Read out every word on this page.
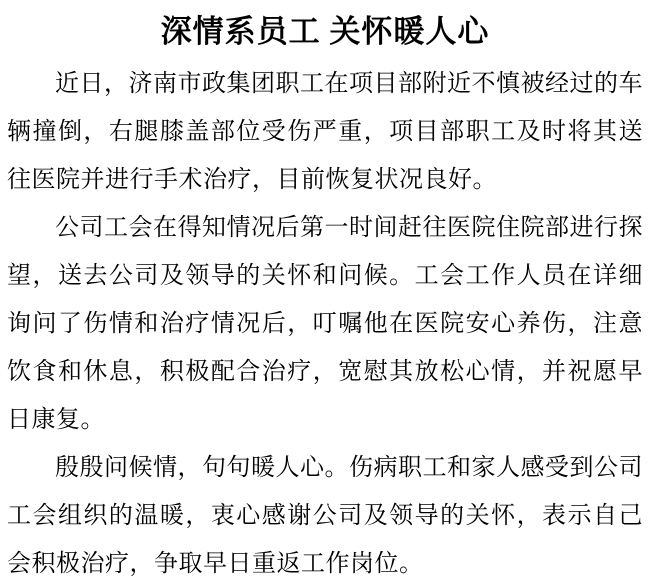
深情系员工 关怀暖人心

近日，济南市政集团职工在项目部附近不慎被经过的车辆撞倒，右腿膝盖部位受伤严重，项目部职工及时将其送往医院并进行手术治疗，目前恢复状况良好。

公司工会在得知情况后第一时间赶往医院住院部进行探望，送去公司及领导的关怀和问候。工会工作人员在详细询问了伤情和治疗情况后，叮嘱他在医院安心养伤，注意饮食和休息，积极配合治疗，宽慰其放松心情，并祝愿早日康复。

殷殷问候情，句句暖人心。伤病职工和家人感受到公司工会组织的温暖，衷心感谢公司及领导的关怀，表示自己会积极治疗，争取早日重返工作岗位。
